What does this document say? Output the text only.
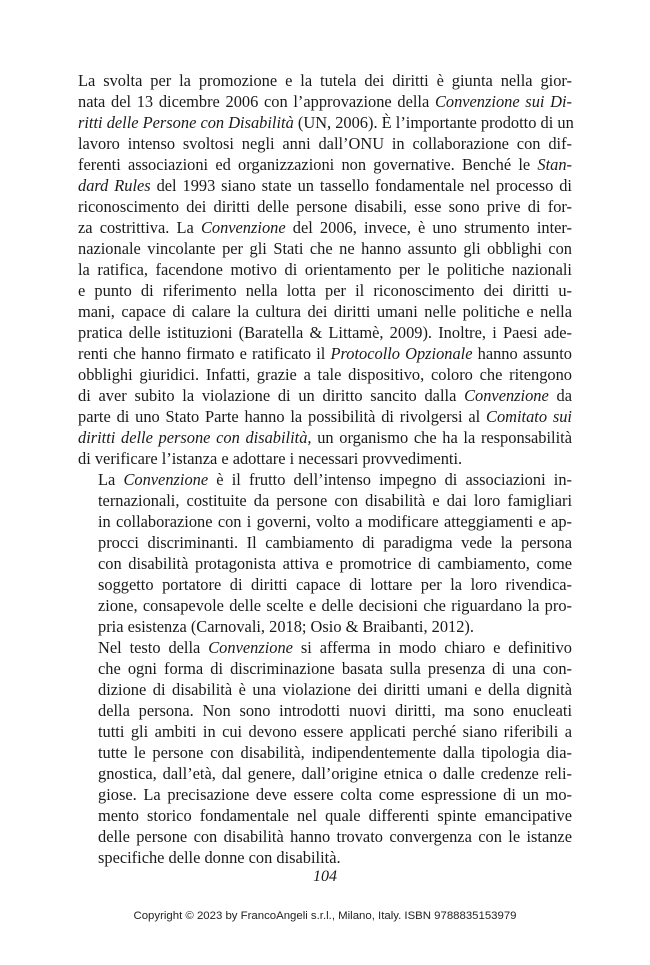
La svolta per la promozione e la tutela dei diritti è giunta nella gior-
nata del 13 dicembre 2006 con l’approvazione della Convenzione sui Di-
ritti delle Persone con Disabilità (UN, 2006). È l’importante prodotto di un
lavoro intenso svoltosi negli anni dall’ONU in collaborazione con dif-
ferenti associazioni ed organizzazioni non governative. Benché le Stan-
dard Rules del 1993 siano state un tassello fondamentale nel processo di
riconoscimento dei diritti delle persone disabili, esse sono prive di for-
za costrittiva. La Convenzione del 2006, invece, è uno strumento inter-
nazionale vincolante per gli Stati che ne hanno assunto gli obblighi con
la ratifica, facendone motivo di orientamento per le politiche nazionali
e punto di riferimento nella lotta per il riconoscimento dei diritti u-
mani, capace di calare la cultura dei diritti umani nelle politiche e nella
pratica delle istituzioni (Baratella & Littamè, 2009). Inoltre, i Paesi ade-
renti che hanno firmato e ratificato il Protocollo Opzionale hanno assunto
obblighi giuridici. Infatti, grazie a tale dispositivo, coloro che ritengono
di aver subito la violazione di un diritto sancito dalla Convenzione da
parte di uno Stato Parte hanno la possibilità di rivolgersi al Comitato sui
diritti delle persone con disabilità, un organismo che ha la responsabilità
di verificare l’istanza e adottare i necessari provvedimenti.
La Convenzione è il frutto dell’intenso impegno di associazioni in-
ternazionali, costituite da persone con disabilità e dai loro famigliari
in collaborazione con i governi, volto a modificare atteggiamenti e ap-
procci discriminanti. Il cambiamento di paradigma vede la persona
con disabilità protagonista attiva e promotrice di cambiamento, come
soggetto portatore di diritti capace di lottare per la loro rivendica-
zione, consapevole delle scelte e delle decisioni che riguardano la pro-
pria esistenza (Carnovali, 2018; Osio & Braibanti, 2012).
Nel testo della Convenzione si afferma in modo chiaro e definitivo
che ogni forma di discriminazione basata sulla presenza di una con-
dizione di disabilità è una violazione dei diritti umani e della dignità
della persona. Non sono introdotti nuovi diritti, ma sono enucleati
tutti gli ambiti in cui devono essere applicati perché siano riferibili a
tutte le persone con disabilità, indipendentemente dalla tipologia dia-
gnostica, dall’età, dal genere, dall’origine etnica o dalle credenze reli-
giose. La precisazione deve essere colta come espressione di un mo-
mento storico fondamentale nel quale differenti spinte emancipative
delle persone con disabilità hanno trovato convergenza con le istanze
specifiche delle donne con disabilità.
104
Copyright © 2023 by FrancoAngeli s.r.l., Milano, Italy. ISBN 9788835153979
